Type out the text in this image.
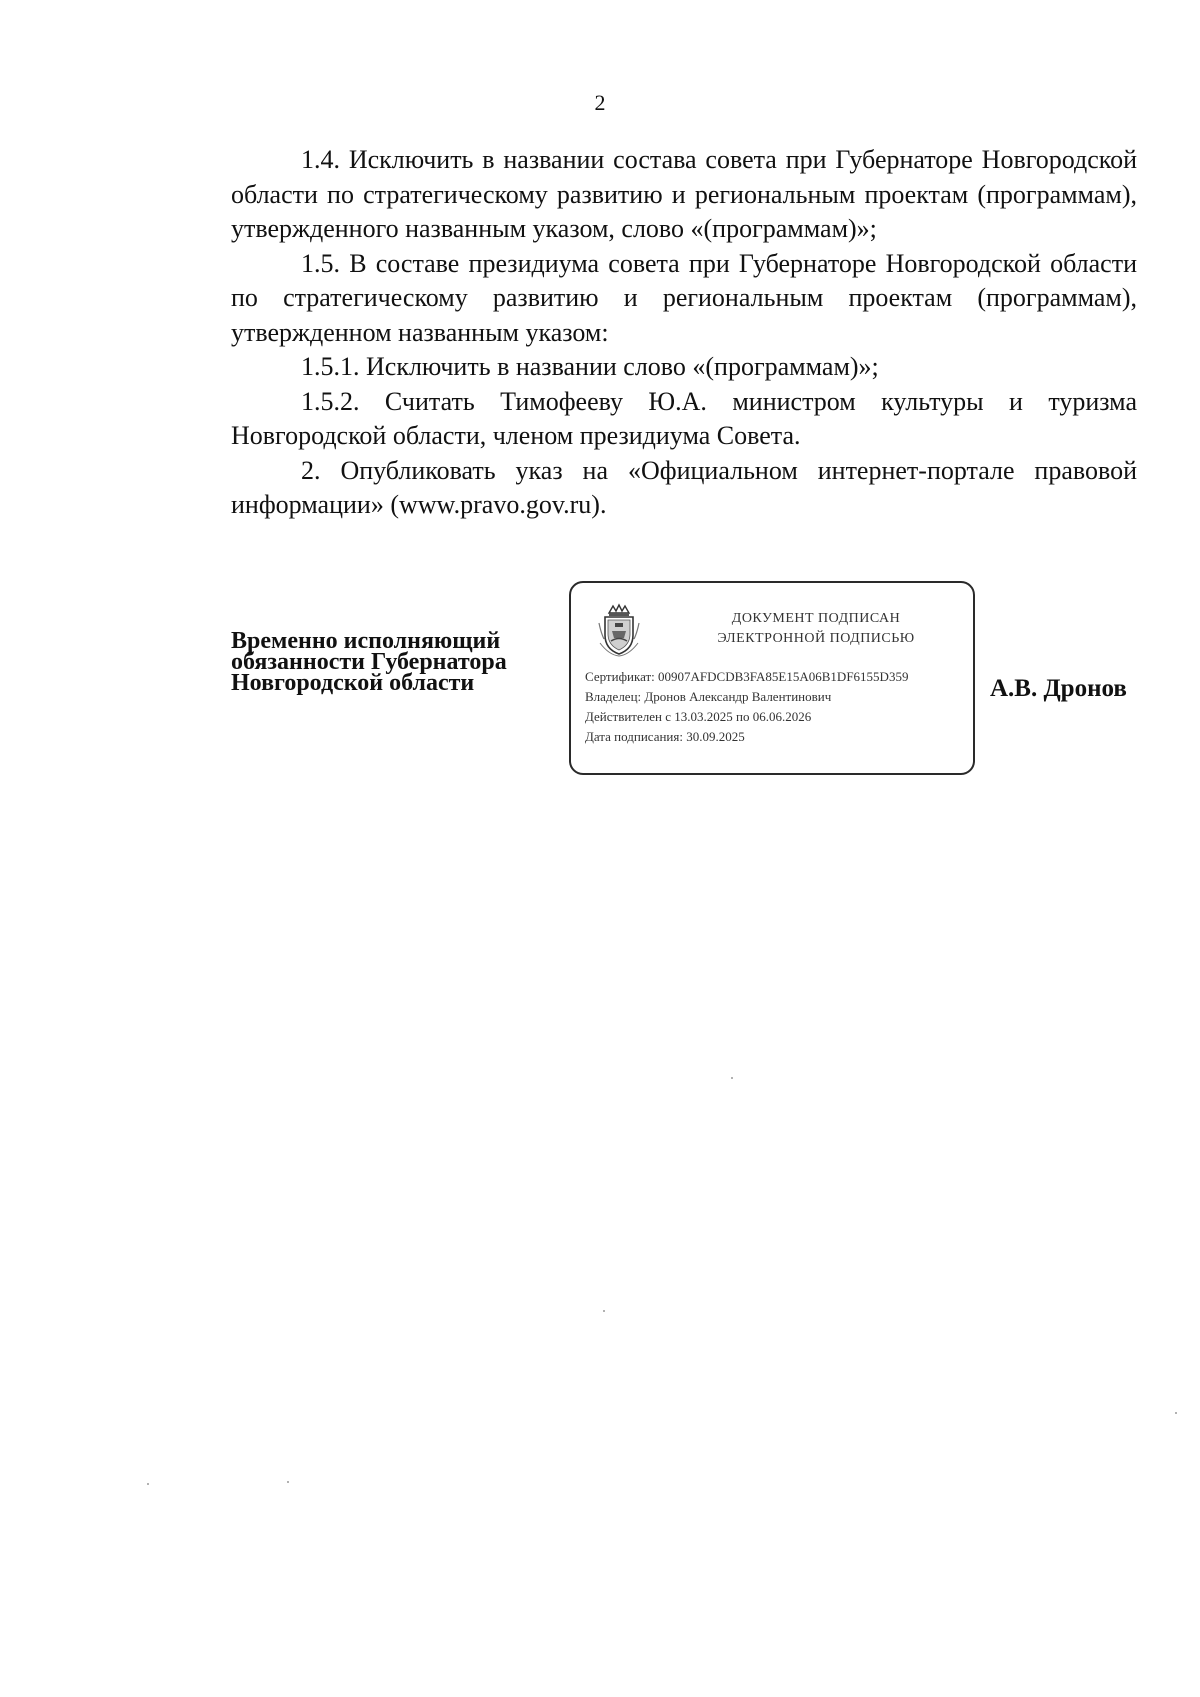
2

1.4. Исключить в названии состава совета при Губернаторе Новгородской области по стратегическому развитию и региональным проектам (программам), утвержденного названным указом, слово «(программам)»;

1.5. В составе президиума совета при Губернаторе Новгородской области по стратегическому развитию и региональным проектам (программам), утвержденном названным указом:

1.5.1. Исключить в названии слово «(программам)»;

1.5.2. Считать Тимофееву Ю.А. министром культуры и туризма Новгородской области, членом президиума Совета.

2. Опубликовать указ на «Официальном интернет-портале правовой информации» (www.pravo.gov.ru).

Временно исполняющий
обязанности Губернатора
Новгородской области
ДОКУМЕНТ ПОДПИСАН
ЭЛЕКТРОННОЙ ПОДПИСЬЮ
Сертификат: 00907AFDCDB3FA85E15A06B1DF6155D359
Владелец: Дронов Александр Валентинович
Действителен с 13.03.2025 по 06.06.2026
Дата подписания: 30.09.2025
А.В. Дронов
